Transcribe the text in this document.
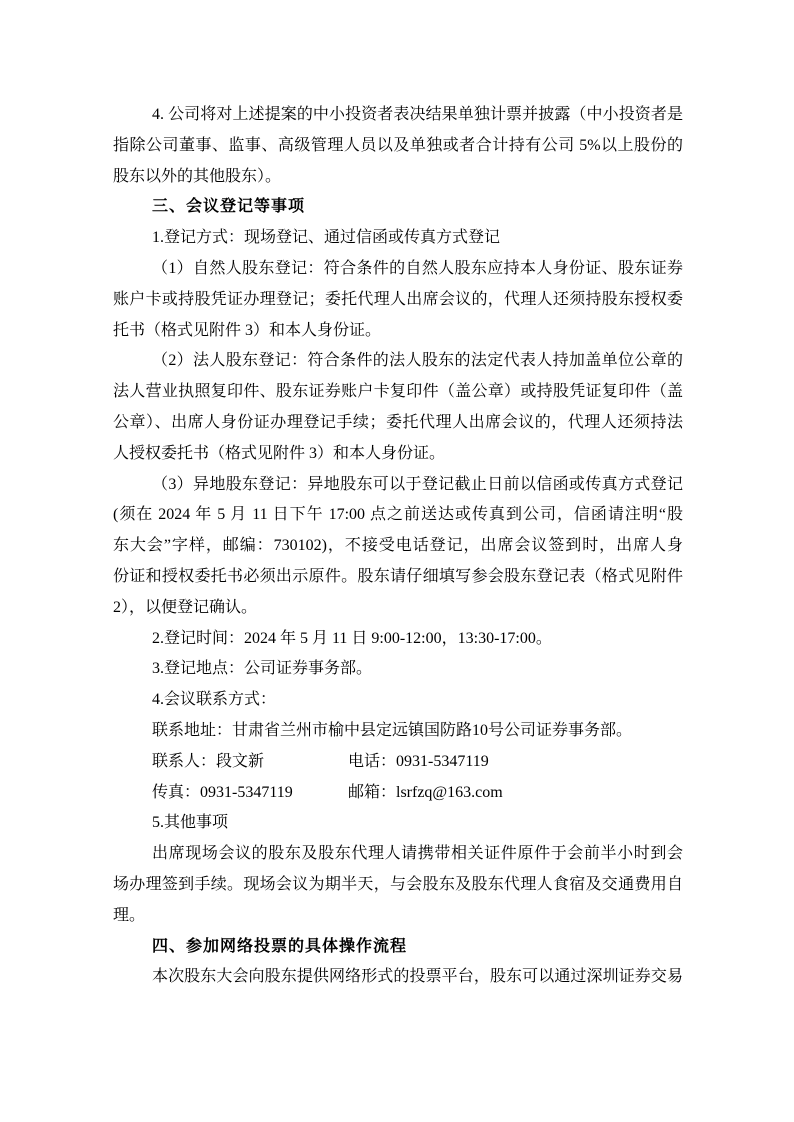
4. 公司将对上述提案的中小投资者表决结果单独计票并披露（中小投资者是
指除公司董事、监事、高级管理人员以及单独或者合计持有公司 5%以上股份的
股东以外的其他股东）。
三、会议登记等事项
1.登记方式：现场登记、通过信函或传真方式登记
（1）自然人股东登记：符合条件的自然人股东应持本人身份证、股东证券
账户卡或持股凭证办理登记；委托代理人出席会议的，代理人还须持股东授权委
托书（格式见附件 3）和本人身份证。
（2）法人股东登记：符合条件的法人股东的法定代表人持加盖单位公章的
法人营业执照复印件、股东证券账户卡复印件（盖公章）或持股凭证复印件（盖
公章）、出席人身份证办理登记手续；委托代理人出席会议的，代理人还须持法
人授权委托书（格式见附件 3）和本人身份证。
（3）异地股东登记：异地股东可以于登记截止日前以信函或传真方式登记
(须在 2024 年 5 月 11 日下午 17:00 点之前送达或传真到公司，信函请注明“股
东大会”字样，邮编：730102)，不接受电话登记，出席会议签到时，出席人身
份证和授权委托书必须出示原件。股东请仔细填写参会股东登记表（格式见附件
2），以便登记确认。
2.登记时间：2024 年 5 月 11 日 9:00-12:00，13:30-17:00。
3.登记地点：公司证券事务部。
4.会议联系方式：
联系地址：甘肃省兰州市榆中县定远镇国防路10号公司证券事务部。
联系人：段文新	电话：0931-5347119
传真：0931-5347119	邮箱：lsrfzq@163.com
5.其他事项
出席现场会议的股东及股东代理人请携带相关证件原件于会前半小时到会
场办理签到手续。现场会议为期半天，与会股东及股东代理人食宿及交通费用自
理。
四、参加网络投票的具体操作流程
本次股东大会向股东提供网络形式的投票平台，股东可以通过深圳证券交易
